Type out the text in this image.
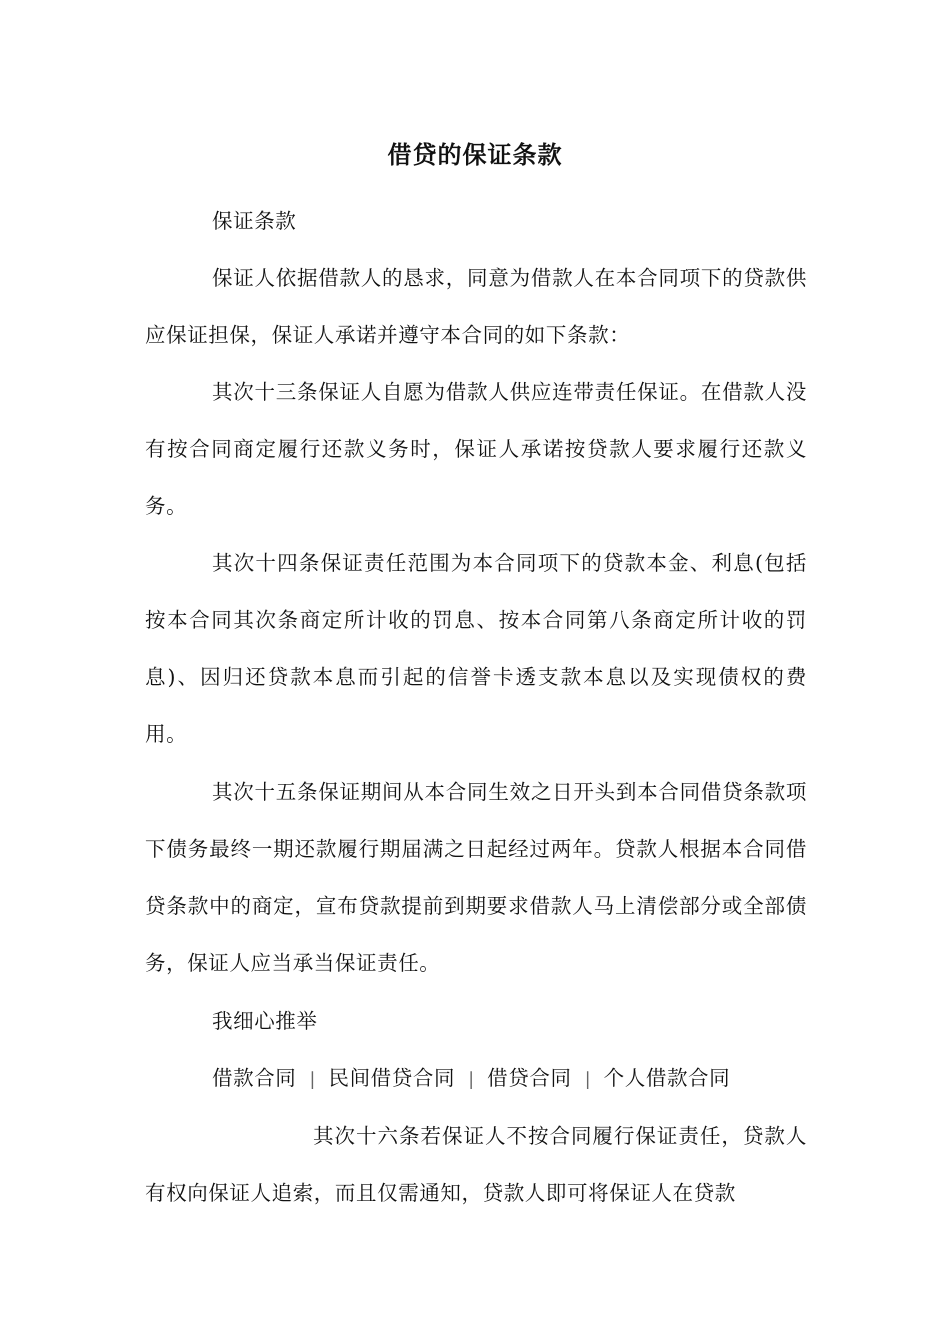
借贷的保证条款

保证条款

保证人依据借款人的恳求，同意为借款人在本合同项下的贷款供应保证担保，保证人承诺并遵守本合同的如下条款：

其次十三条保证人自愿为借款人供应连带责任保证。在借款人没有按合同商定履行还款义务时，保证人承诺按贷款人要求履行还款义务。

其次十四条保证责任范围为本合同项下的贷款本金、利息(包括按本合同其次条商定所计收的罚息、按本合同第八条商定所计收的罚息)、因归还贷款本息而引起的信誉卡透支款本息以及实现债权的费用。

其次十五条保证期间从本合同生效之日开头到本合同借贷条款项下债务最终一期还款履行期届满之日起经过两年。贷款人根据本合同借贷条款中的商定，宣布贷款提前到期要求借款人马上清偿部分或全部债务，保证人应当承当保证责任。

我细心推举

借款合同 | 民间借贷合同 | 借贷合同 | 个人借款合同

其次十六条若保证人不按合同履行保证责任，贷款人有权向保证人追索，而且仅需通知，贷款人即可将保证人在贷款
